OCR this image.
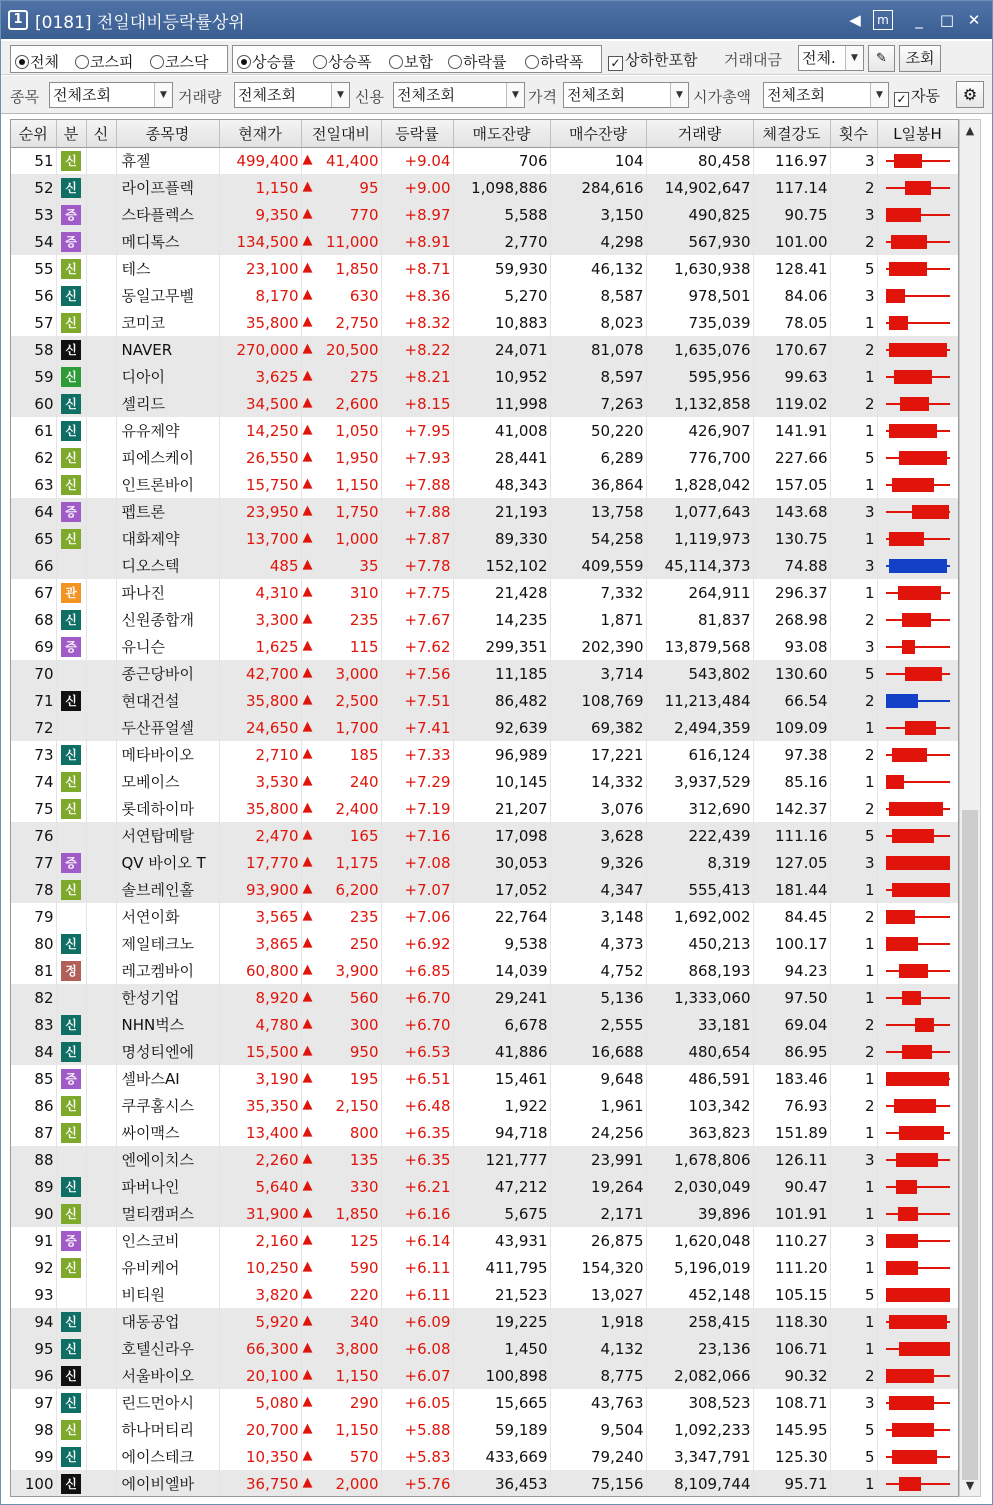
1 [0181] 전일대비등락률상위	◀	m	_	□ ✕
전체	코스피	코스닥	상승률	상승폭	보합	하락률	하락폭 ✓ 상하한포함 거래대금 전체.	▼	✎	조회
종목 전체조회	▼ 거래량 전체조회	▼ 신용 전체조회	▼ 가격 전체조회	▼ 시가총액 전체조회	▼	✓ 자동	⚙
순위	분	신	종목명	현재가	전일대비	등락률	매도잔량	매수잔량	거래량	체결강도	횟수	L일봉H
51	신		휴젤	499,400	▲ 41,400	+9.04	706	104	80,458	116.97	3	

52	신		라이프플렉	1,150	▲ 95	+9.00	1,098,886	284,616	14,902,647	117.14	2	

53	증		스타플렉스	9,350	▲ 770	+8.97	5,588	3,150	490,825	90.75	3	

54	증		메디톡스	134,500	▲ 11,000	+8.91	2,770	4,298	567,930	101.00	2	

55	신		테스	23,100	▲ 1,850	+8.71	59,930	46,132	1,630,938	128.41	5	

56	신		동일고무벨	8,170	▲ 630	+8.36	5,270	8,587	978,501	84.06	3	

57	신		코미코	35,800	▲ 2,750	+8.32	10,883	8,023	735,039	78.05	1	

58	신		NAVER	270,000	▲ 20,500	+8.22	24,071	81,078	1,635,076	170.67	2	

59	신		디아이	3,625	▲ 275	+8.21	10,952	8,597	595,956	99.63	1	

60	신		셀리드	34,500	▲ 2,600	+8.15	11,998	7,263	1,132,858	119.02	2	

61	신		유유제약	14,250	▲ 1,050	+7.95	41,008	50,220	426,907	141.91	1	

62	신		피에스케이	26,550	▲ 1,950	+7.93	28,441	6,289	776,700	227.66	5	

63	신		인트론바이	15,750	▲ 1,150	+7.88	48,343	36,864	1,828,042	157.05	1	

64	증		펩트론	23,950	▲ 1,750	+7.88	21,193	13,758	1,077,643	143.68	3	

65	신		대화제약	13,700	▲ 1,000	+7.87	89,330	54,258	1,119,973	130.75	1	

66			디오스텍	485	▲ 35	+7.78	152,102	409,559	45,114,373	74.88	3	

67	관		파나진	4,310	▲ 310	+7.75	21,428	7,332	264,911	296.37	1	

68	신		신원종합개	3,300	▲ 235	+7.67	14,235	1,871	81,837	268.98	2	

69	증		유니슨	1,625	▲ 115	+7.62	299,351	202,390	13,879,568	93.08	3	

70			종근당바이	42,700	▲ 3,000	+7.56	11,185	3,714	543,802	130.60	5	

71	신		현대건설	35,800	▲ 2,500	+7.51	86,482	108,769	11,213,484	66.54	2	

72			두산퓨얼셀	24,650	▲ 1,700	+7.41	92,639	69,382	2,494,359	109.09	1	

73	신		메타바이오	2,710	▲ 185	+7.33	96,989	17,221	616,124	97.38	2	

74	신		모베이스	3,530	▲ 240	+7.29	10,145	14,332	3,937,529	85.16	1	

75	신		롯데하이마	35,800	▲ 2,400	+7.19	21,207	3,076	312,690	142.37	2	

76			서연탑메탈	2,470	▲ 165	+7.16	17,098	3,628	222,439	111.16	5	

77	증		QV 바이오 T	17,770	▲ 1,175	+7.08	30,053	9,326	8,319	127.05	3	

78	신		솔브레인홀	93,900	▲ 6,200	+7.07	17,052	4,347	555,413	181.44	1	

79			서연이화	3,565	▲ 235	+7.06	22,764	3,148	1,692,002	84.45	2	

80	신		제일테크노	3,865	▲ 250	+6.92	9,538	4,373	450,213	100.17	1	

81	정		레고켐바이	60,800	▲ 3,900	+6.85	14,039	4,752	868,193	94.23	1	

82			한성기업	8,920	▲ 560	+6.70	29,241	5,136	1,333,060	97.50	1	

83	신		NHN벅스	4,780	▲ 300	+6.70	6,678	2,555	33,181	69.04	2	

84	신		명성티엔에	15,500	▲ 950	+6.53	41,886	16,688	480,654	86.95	2	

85	증		셀바스AI	3,190	▲ 195	+6.51	15,461	9,648	486,591	183.46	1	

86	신		쿠쿠홈시스	35,350	▲ 2,150	+6.48	1,922	1,961	103,342	76.93	2	

87	신		싸이맥스	13,400	▲ 800	+6.35	94,718	24,256	363,823	151.89	1	

88			엔에이치스	2,260	▲ 135	+6.35	121,777	23,991	1,678,806	126.11	3	

89	신		파버나인	5,640	▲ 330	+6.21	47,212	19,264	2,030,049	90.47	1	

90	신		멀티캠퍼스	31,900	▲ 1,850	+6.16	5,675	2,171	39,896	101.91	1	

91	증		인스코비	2,160	▲ 125	+6.14	43,931	26,875	1,620,048	110.27	3	

92	신		유비케어	10,250	▲ 590	+6.11	411,795	154,320	5,196,019	111.20	1	

93			비티원	3,820	▲ 220	+6.11	21,523	13,027	452,148	105.15	5	

94	신		대동공업	5,920	▲ 340	+6.09	19,225	1,918	258,415	118.30	1	

95	신		호텔신라우	66,300	▲ 3,800	+6.08	1,450	4,132	23,136	106.71	1	

96	신		서울바이오	20,100	▲ 1,150	+6.07	100,898	8,775	2,082,066	90.32	2	

97	신		린드먼아시	5,080	▲ 290	+6.05	15,665	43,763	308,523	108.71	3	

98	신		하나머티리	20,700	▲ 1,150	+5.88	59,189	9,504	1,092,233	145.95	5	

99	신		에이스테크	10,350	▲ 570	+5.83	433,669	79,240	3,347,791	125.30	5	

100	신		에이비엘바	36,750	▲ 2,000	+5.76	36,453	75,156	8,109,744	95.71	1	
▲
▼
